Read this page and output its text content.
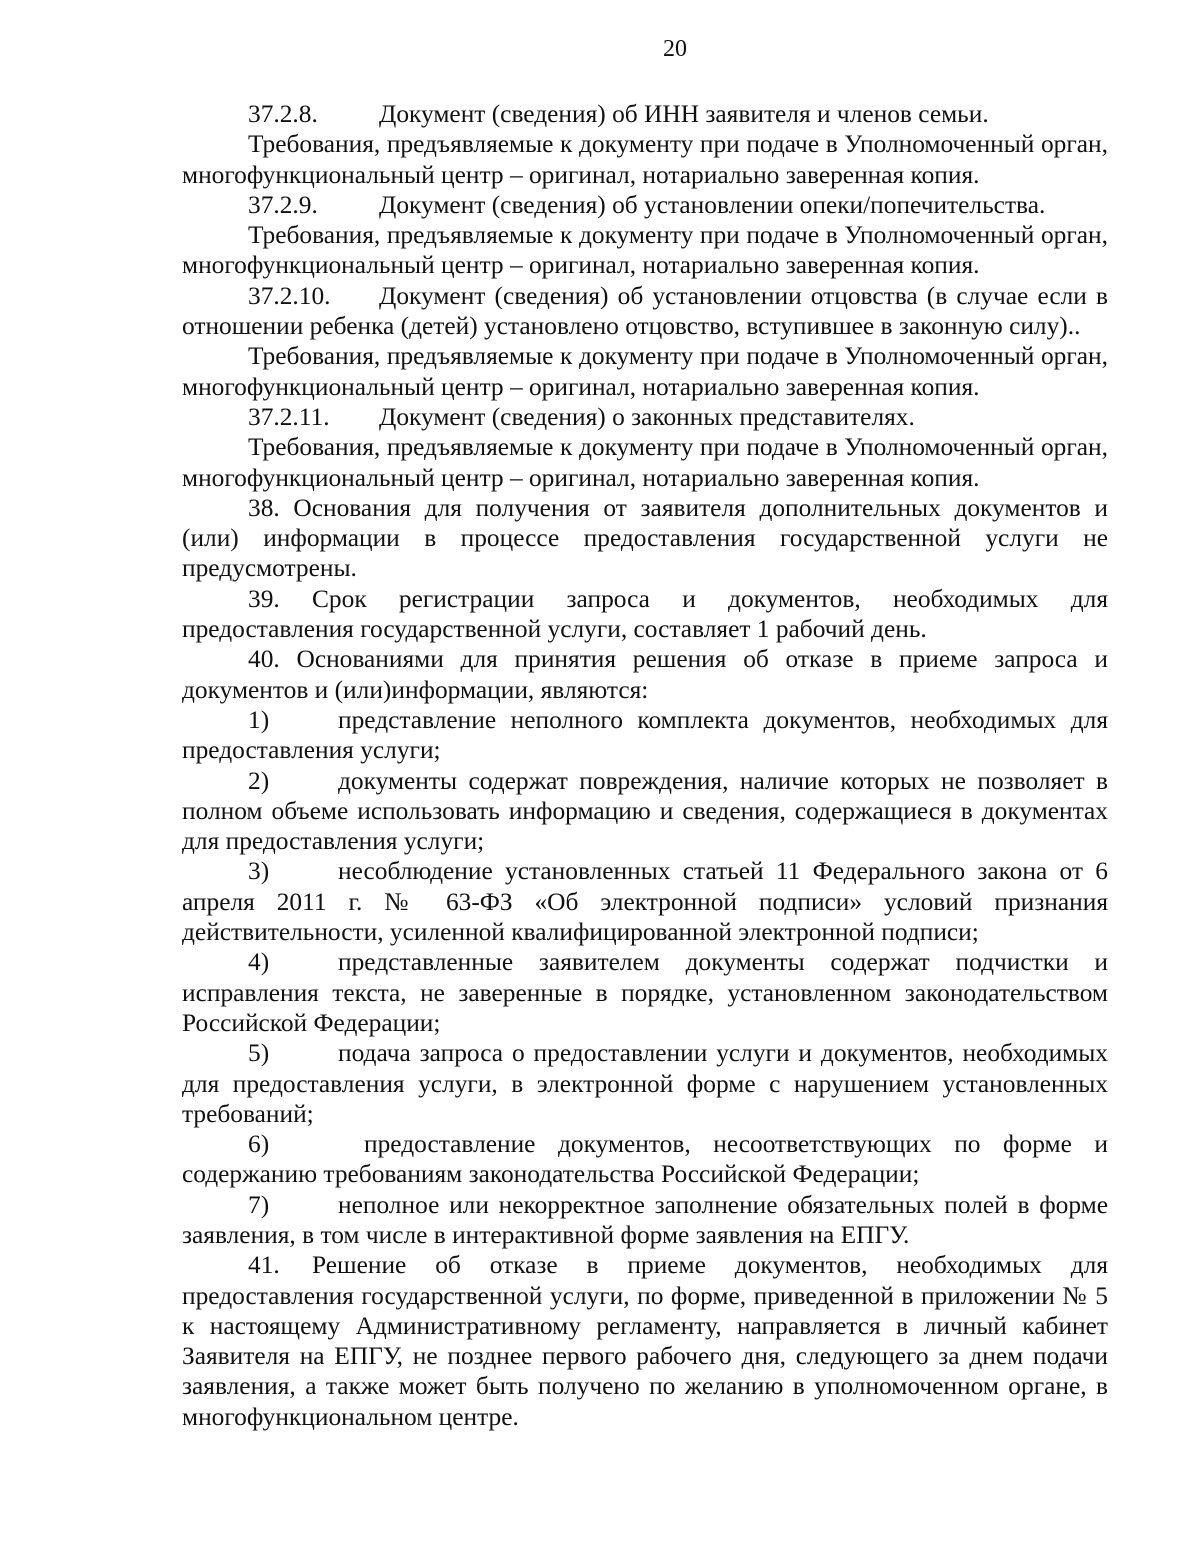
20

37.2.8. Документ (сведения) об ИНН заявителя и членов семьи.

Требования, предъявляемые к документу при подаче в Уполномоченный орган, многофункциональный центр – оригинал, нотариально заверенная копия.

37.2.9. Документ (сведения) об установлении опеки/попечительства.

Требования, предъявляемые к документу при подаче в Уполномоченный орган, многофункциональный центр – оригинал, нотариально заверенная копия.

37.2.10. Документ (сведения) об установлении отцовства (в случае если в отношении ребенка (детей) установлено отцовство, вступившее в законную силу)..

Требования, предъявляемые к документу при подаче в Уполномоченный орган, многофункциональный центр – оригинал, нотариально заверенная копия.

37.2.11. Документ (сведения) о законных представителях.

Требования, предъявляемые к документу при подаче в Уполномоченный орган, многофункциональный центр – оригинал, нотариально заверенная копия.

38. Основания для получения от заявителя дополнительных документов и (или) информации в процессе предоставления государственной услуги не предусмотрены.

39. Срок регистрации запроса и документов, необходимых для предоставления государственной услуги, составляет 1 рабочий день.

40. Основаниями для принятия решения об отказе в приеме запроса и документов и (или)информации, являются:

1)	представление неполного комплекта документов, необходимых для предоставления услуги;

2)	документы содержат повреждения, наличие которых не позволяет в полном объеме использовать информацию и сведения, содержащиеся в документах для предоставления услуги;

3)	несоблюдение установленных статьей 11 Федерального закона от 6 апреля 2011 г. № 63-ФЗ «Об электронной подписи» условий признания действительности, усиленной квалифицированной электронной подписи;

4)	представленные заявителем документы содержат подчистки и исправления текста, не заверенные в порядке, установленном законодательством Российской Федерации;

5)	подача запроса о предоставлении услуги и документов, необходимых для предоставления услуги, в электронной форме с нарушением установленных требований;

6)	предоставление документов, несоответствующих по форме и содержанию требованиям законодательства Российской Федерации;

7)	неполное или некорректное заполнение обязательных полей в форме заявления, в том числе в интерактивной форме заявления на ЕПГУ.

41. Решение об отказе в приеме документов, необходимых для предоставления государственной услуги, по форме, приведенной в приложении № 5 к настоящему Административному регламенту, направляется в личный кабинет Заявителя на ЕПГУ, не позднее первого рабочего дня, следующего за днем подачи заявления, а также может быть получено по желанию в уполномоченном органе, в многофункциональном центре.
